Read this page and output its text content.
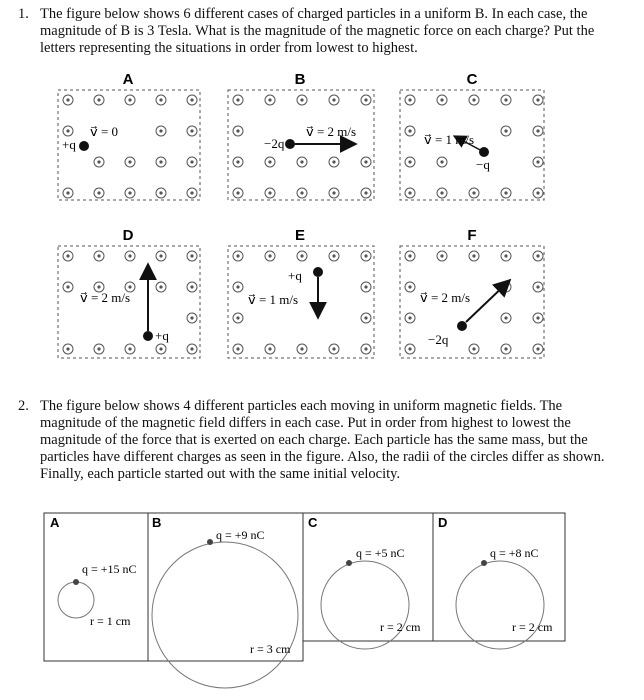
1. The figure below shows 6 different cases of charged particles in a uniform B. In each case, the magnitude of B is 3 Tesla. What is the magnitude of the magnetic force on each charge? Put the letters representing the situations in order from lowest to highest.
A
+q
v⃗ = 0
B
−2q
v⃗ = 2 m/s
C
−q
v⃗ = 1 m/s
D
+q
v⃗ = 2 m/s
E
+q
v⃗ = 1 m/s
F
−2q
v⃗ = 2 m/s
2. The figure below shows 4 different particles each moving in uniform magnetic fields. The magnitude of the magnetic field differs in each case. Put in order from highest to lowest the magnitude of the force that is exerted on each charge. Each particle has the same mass, but the particles have different charges as seen in the figure. Also, the radii of the circles differ as shown. Finally, each particle started out with the same initial velocity.
A
q = +15 nC
r = 1 cm
B
q = +9 nC
r = 3 cm
C
q = +5 nC
r = 2 cm
D
q = +8 nC
r = 2 cm
